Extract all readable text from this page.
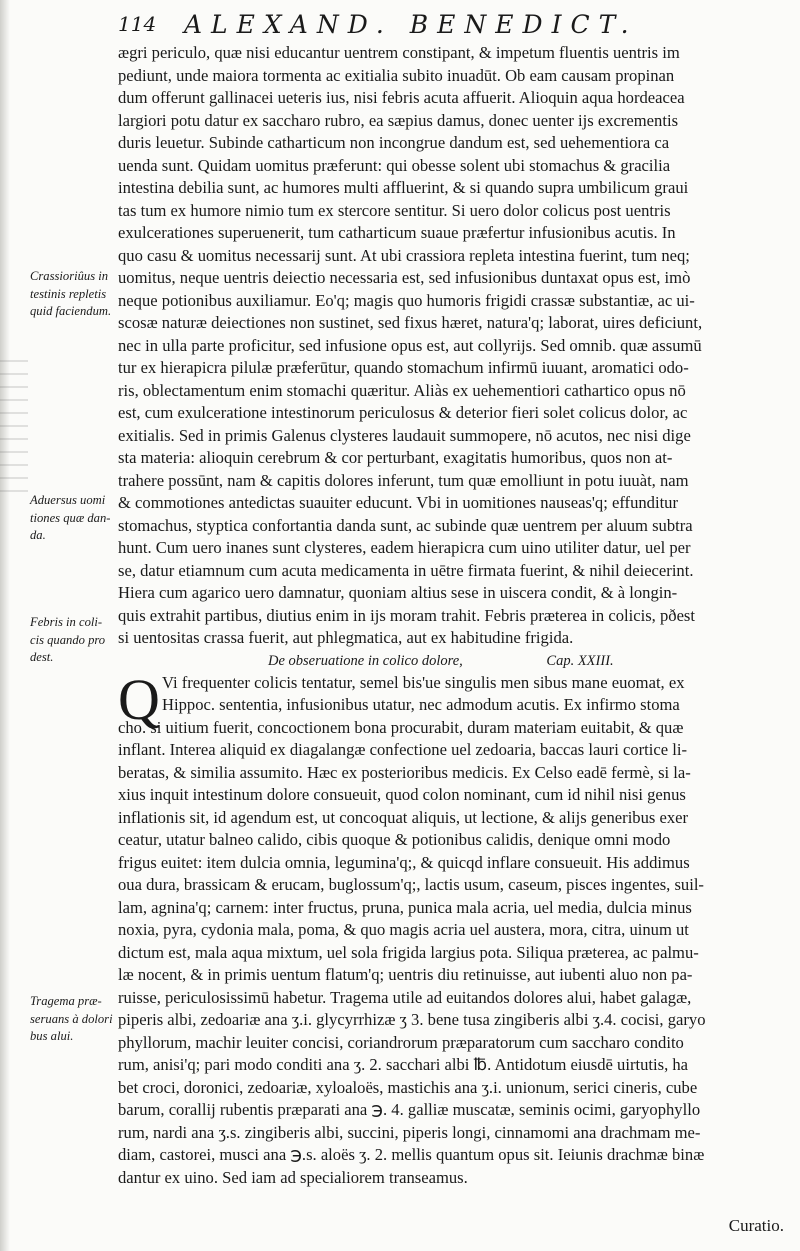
114 ALEXAND. BENEDICT.
Crassioriûus in
testinis repletis
quid faciendum.
Aduersus uomi
tiones quæ dan-
da.
Febris in coli-
cis quando pro
dest.
Tragema præ-
seruans à dolori
bus alui.
ægri periculo, quæ nisi educantur uentrem constipant, & impetum fluentis uentris im
pediunt, unde maiora tormenta ac exitialia subito inuadūt. Ob eam causam propinan
dum offerunt gallinacei ueteris ius, nisi febris acuta affuerit. Alioquin aqua hordeacea
largiori potu datur ex saccharo rubro, ea sæpius damus, donec uenter ijs excrementis
duris leuetur. Subinde catharticum non incongrue dandum est, sed uehementiora ca
uenda sunt. Quidam uomitus præferunt: qui obesse solent ubi stomachus & gracilia
intestina debilia sunt, ac humores multi affluerint, & si quando supra umbilicum graui
tas tum ex humore nimio tum ex stercore sentitur. Si uero dolor colicus post uentris
exulcerationes superuenerit, tum catharticum suaue præfertur infusionibus acutis. In
quo casu & uomitus necessarij sunt. At ubi crassiora repleta intestina fuerint, tum neq;
uomitus, neque uentris deiectio necessaria est, sed infusionibus duntaxat opus est, imò
neque potionibus auxiliamur. Eo'q; magis quo humoris frigidi crassæ substantiæ, ac ui-
scosæ naturæ deiectiones non sustinet, sed fixus hæret, natura'q; laborat, uires deficiunt,
nec in ulla parte proficitur, sed infusione opus est, aut collyrijs. Sed omnib. quæ assumū
tur ex hierapicra pilulæ præferūtur, quando stomachum infirmū iuuant, aromatici odo-
ris, oblectamentum enim stomachi quæritur. Aliàs ex uehementiori cathartico opus nō
est, cum exulceratione intestinorum periculosus & deterior fieri solet colicus dolor, ac
exitialis. Sed in primis Galenus clysteres laudauit summopere, nō acutos, nec nisi dige
sta materia: alioquin cerebrum & cor perturbant, exagitatis humoribus, quos non at-
trahere possūnt, nam & capitis dolores inferunt, tum quæ emolliunt in potu iuuàt, nam
& commotiones antedictas suauiter educunt. Vbi in uomitiones nauseas'q; effunditur
stomachus, styptica confortantia danda sunt, ac subinde quæ uentrem per aluum subtra
hunt. Cum uero inanes sunt clysteres, eadem hierapicra cum uino utiliter datur, uel per
se, datur etiamnum cum acuta medicamenta in uētre firmata fuerint, & nihil deiecerint.
Hiera cum agarico uero damnatur, quoniam altius sese in uiscera condit, & à longin-
quis extrahit partibus, diutius enim in ijs moram trahit. Febris præterea in colicis, pðest
si uentositas crassa fuerit, aut phlegmatica, aut ex habitudine frigida.
De obseruatione in colico dolore,	Cap. XXIII.
Q Vi frequenter colicis tentatur, semel bis'ue singulis men sibus mane euomat, ex
Hippoc. sententia, infusionibus utatur, nec admodum acutis. Ex infirmo stoma
cho. si uitium fuerit, concoctionem bona procurabit, duram materiam euitabit, & quæ
inflant. Interea aliquid ex diagalangæ confectione uel zedoaria, baccas lauri cortice li-
beratas, & similia assumito. Hæc ex posterioribus medicis. Ex Celso eadē fermè, si la-
xius inquit intestinum dolore consueuit, quod colon nominant, cum id nihil nisi genus
inflationis sit, id agendum est, ut concoquat aliquis, ut lectione, & alijs generibus exer
ceatur, utatur balneo calido, cibis quoque & potionibus calidis, denique omni modo
frigus euitet: item dulcia omnia, legumina'q;, & quicqd inflare consueuit. His addimus
oua dura, brassicam & erucam, buglossum'q;, lactis usum, caseum, pisces ingentes, suil-
lam, agnina'q; carnem: inter fructus, pruna, punica mala acria, uel media, dulcia minus
noxia, pyra, cydonia mala, poma, & quo magis acria uel austera, mora, citra, uinum ut
dictum est, mala aqua mixtum, uel sola frigida largius pota. Siliqua præterea, ac palmu-
læ nocent, & in primis uentum flatum'q; uentris diu retinuisse, aut iubenti aluo non pa-
ruisse, periculosissimū habetur. Tragema utile ad euitandos dolores alui, habet galagæ,
piperis albi, zedoariæ ana ʒ.i. glycyrrhizæ ʒ 3. bene tusa zingiberis albi ʒ.4. cocisi, garyo
phyllorum, machir leuiter concisi, coriandrorum præparatorum cum saccharo condito
rum, anisi'q; pari modo conditi ana ʒ. 2. sacchari albi ℔. Antidotum eiusdē uirtutis, ha
bet croci, doronici, zedoariæ, xyloaloës, mastichis ana ʒ.i. unionum, serici cineris, cube
barum, corallij rubentis præparati ana ℈. 4. galliæ muscatæ, seminis ocimi, garyophyllo
rum, nardi ana ʒ.s. zingiberis albi, succini, piperis longi, cinnamomi ana drachmam me-
diam, castorei, musci ana ℈.s. aloës ʒ. 2. mellis quantum opus sit. Ieiunis drachmæ binæ
dantur ex uino. Sed iam ad specialiorem transeamus.
Curatio.
